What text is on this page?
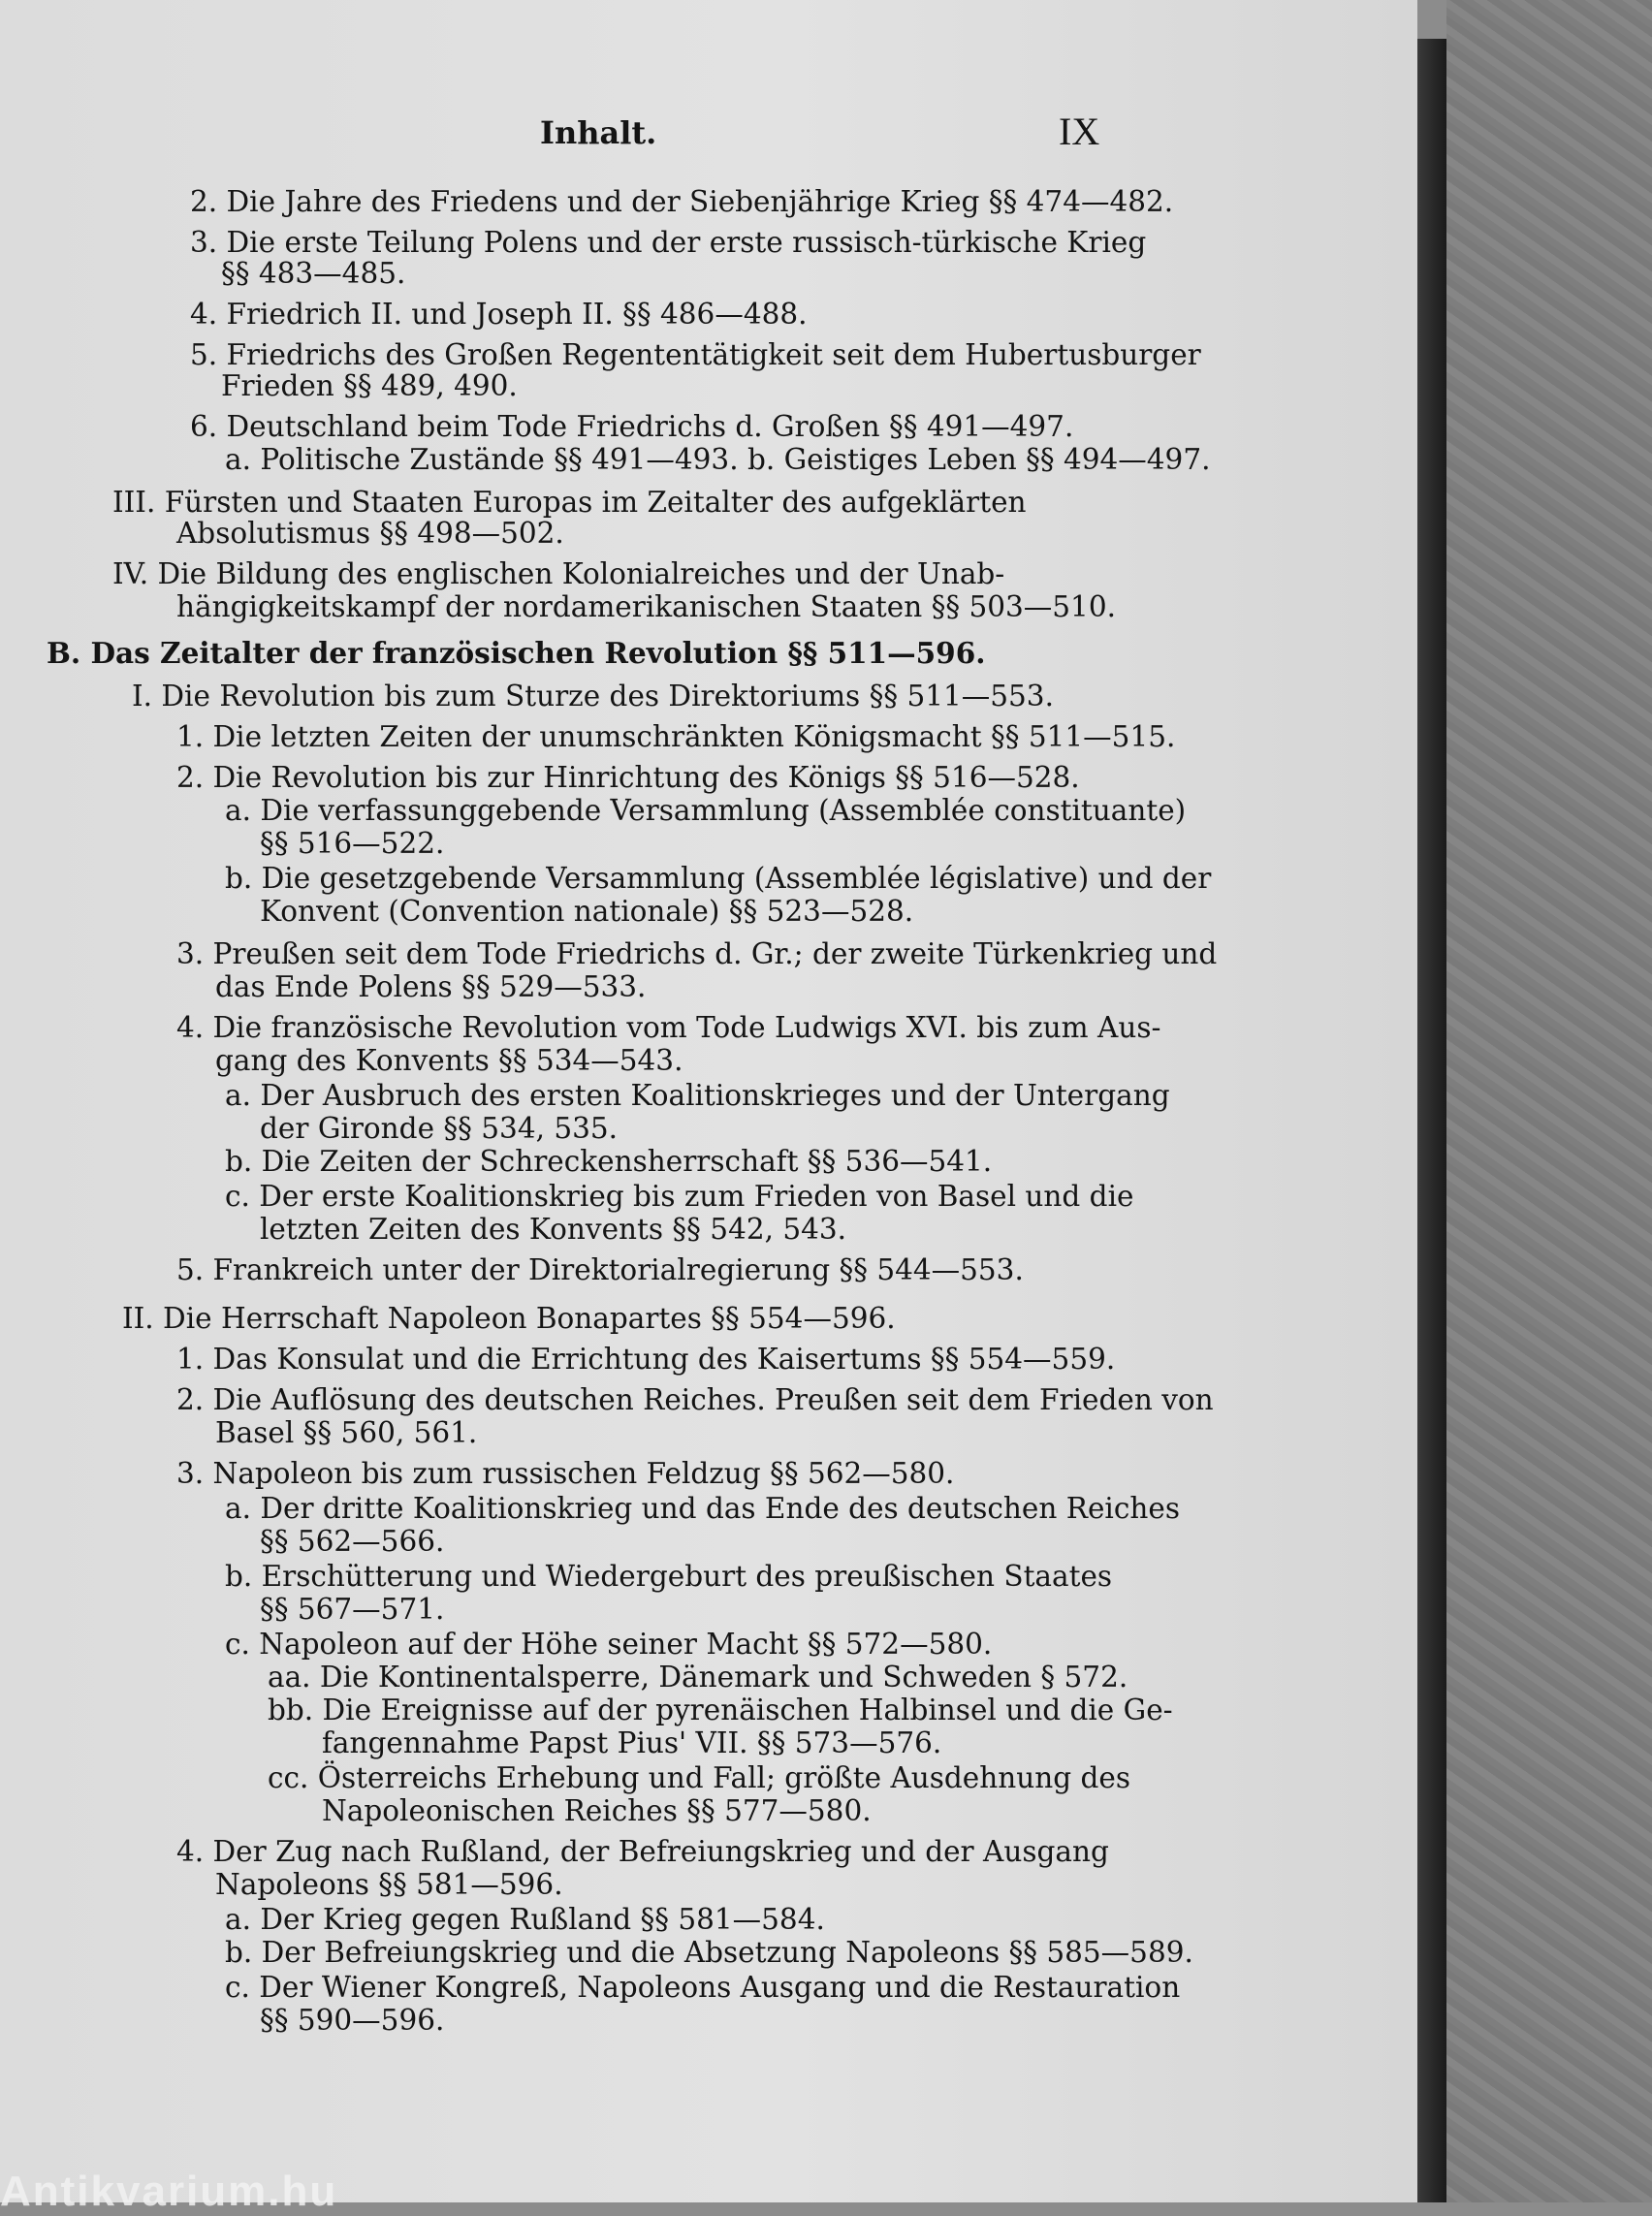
Inhalt.	IX
2. Die Jahre des Friedens und der Siebenjährige Krieg §§ 474—482.
3. Die erste Teilung Polens und der erste russisch-türkische Krieg
§§ 483—485.
4. Friedrich II. und Joseph II. §§ 486—488.
5. Friedrichs des Großen Regententätigkeit seit dem Hubertusburger
Frieden §§ 489, 490.
6. Deutschland beim Tode Friedrichs d. Großen §§ 491—497.
a. Politische Zustände §§ 491—493. b. Geistiges Leben §§ 494—497.
III. Fürsten und Staaten Europas im Zeitalter des aufgeklärten
Absolutismus §§ 498—502.
IV. Die Bildung des englischen Kolonialreiches und der Unab-
hängigkeitskampf der nordamerikanischen Staaten §§ 503—510.
B. Das Zeitalter der französischen Revolution §§ 511—596.
I. Die Revolution bis zum Sturze des Direktoriums §§ 511—553.
1. Die letzten Zeiten der unumschränkten Königsmacht §§ 511—515.
2. Die Revolution bis zur Hinrichtung des Königs §§ 516—528.
a. Die verfassunggebende Versammlung (Assemblée constituante)
§§ 516—522.
b. Die gesetzgebende Versammlung (Assemblée législative) und der
Konvent (Convention nationale) §§ 523—528.
3. Preußen seit dem Tode Friedrichs d. Gr.; der zweite Türkenkrieg und
das Ende Polens §§ 529—533.
4. Die französische Revolution vom Tode Ludwigs XVI. bis zum Aus-
gang des Konvents §§ 534—543.
a. Der Ausbruch des ersten Koalitionskrieges und der Untergang
der Gironde §§ 534, 535.
b. Die Zeiten der Schreckensherrschaft §§ 536—541.
c. Der erste Koalitionskrieg bis zum Frieden von Basel und die
letzten Zeiten des Konvents §§ 542, 543.
5. Frankreich unter der Direktorialregierung §§ 544—553.
II. Die Herrschaft Napoleon Bonapartes §§ 554—596.
1. Das Konsulat und die Errichtung des Kaisertums §§ 554—559.
2. Die Auflösung des deutschen Reiches. Preußen seit dem Frieden von
Basel §§ 560, 561.
3. Napoleon bis zum russischen Feldzug §§ 562—580.
a. Der dritte Koalitionskrieg und das Ende des deutschen Reiches
§§ 562—566.
b. Erschütterung und Wiedergeburt des preußischen Staates
§§ 567—571.
c. Napoleon auf der Höhe seiner Macht §§ 572—580.
aa. Die Kontinentalsperre, Dänemark und Schweden § 572.
bb. Die Ereignisse auf der pyrenäischen Halbinsel und die Ge-
fangennahme Papst Pius' VII. §§ 573—576.
cc. Österreichs Erhebung und Fall; größte Ausdehnung des
Napoleonischen Reiches §§ 577—580.
4. Der Zug nach Rußland, der Befreiungskrieg und der Ausgang
Napoleons §§ 581—596.
a. Der Krieg gegen Rußland §§ 581—584.
b. Der Befreiungskrieg und die Absetzung Napoleons §§ 585—589.
c. Der Wiener Kongreß, Napoleons Ausgang und die Restauration
§§ 590—596.
Antikvarium.hu
